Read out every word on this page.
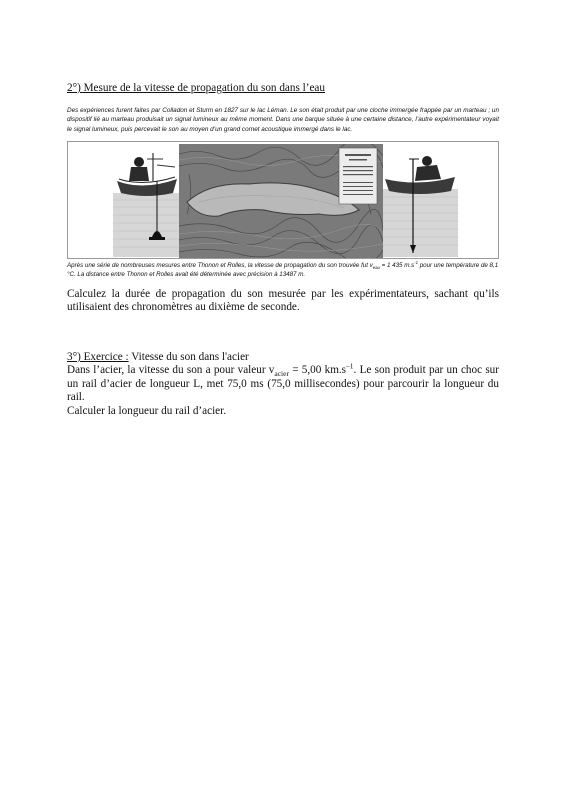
2°) Mesure de la vitesse de propagation du son dans l’eau
Des expériences furent faites par Colladon et Sturm en 1827 sur le lac Léman. Le son était produit par une cloche immergée frappée par un marteau ; un dispositif lié au marteau produisait un signal lumineux au même moment. Dans une barque située à une certaine distance, l’autre expérimentateur voyait le signal lumineux, puis percevait le son au moyen d’un grand cornet acoustique immergé dans le lac.
Après une série de nombreuses mesures entre Thonon et Rolles, la vitesse de propagation du son trouvée fut $v_{eau} = 1$ 435 $m.s^{-1}$ pour une température de 8,1 °C. La distance entre Thonon et Rolles avait été déterminée avec précision à 13487 m.
Calculez la durée de propagation du son mesurée par les expérimentateurs, sachant qu’ils utilisaient des chronomètres au dixième de seconde.

3°) Exercice : Vitesse du son dans l'acier

Dans l’acier, la vitesse du son a pour valeur $v_{acier} = 5,00$ $km.s^{-1}$. Le son produit par un choc sur un rail d’acier de longueur L, met 75,0 ms (75,0 millisecondes) pour parcourir la longueur du rail.

Calculer la longueur du rail d’acier.
